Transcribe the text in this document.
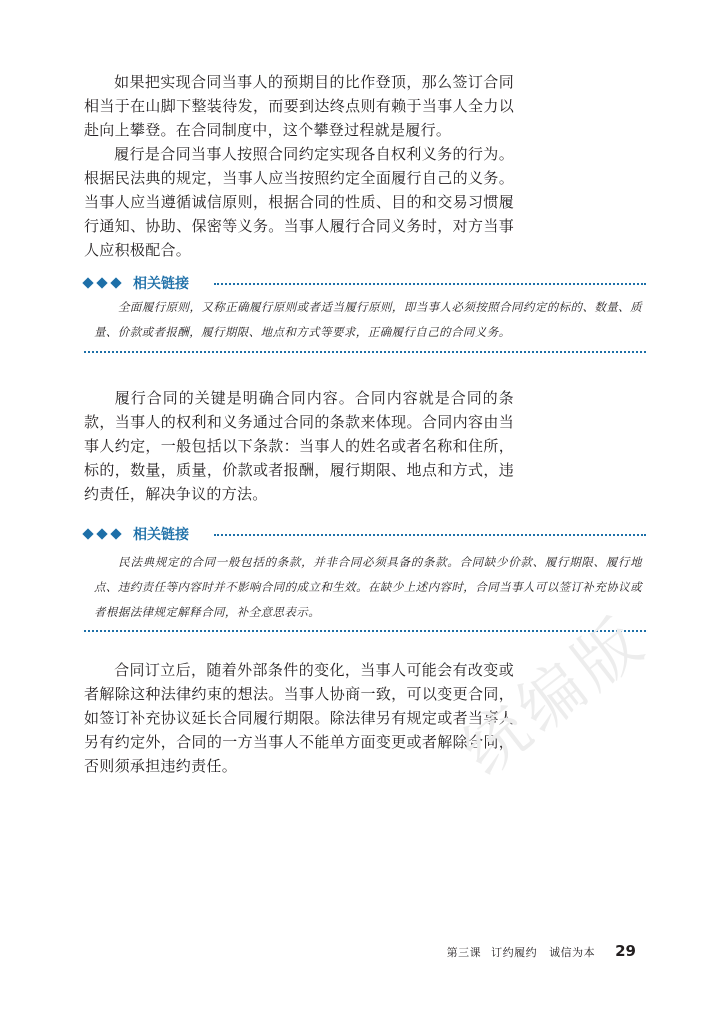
如果把实现合同当事人的预期目的比作登顶，那么签订合同相当于在山脚下整装待发，而要到达终点则有赖于当事人全力以赴向上攀登。在合同制度中，这个攀登过程就是履行。

履行是合同当事人按照合同约定实现各自权利义务的行为。根据民法典的规定，当事人应当按照约定全面履行自己的义务。当事人应当遵循诚信原则，根据合同的性质、目的和交易习惯履行通知、协助、保密等义务。当事人履行合同义务时，对方当事人应积极配合。

相关链接

全面履行原则，又称正确履行原则或者适当履行原则，即当事人必须按照合同约定的标的、数量、质量、价款或者报酬，履行期限、地点和方式等要求，正确履行自己的合同义务。

履行合同的关键是明确合同内容。合同内容就是合同的条款，当事人的权利和义务通过合同的条款来体现。合同内容由当事人约定，一般包括以下条款：当事人的姓名或者名称和住所，标的，数量，质量，价款或者报酬，履行期限、地点和方式，违约责任，解决争议的方法。

相关链接

民法典规定的合同一般包括的条款，并非合同必须具备的条款。合同缺少价款、履行期限、履行地点、违约责任等内容时并不影响合同的成立和生效。在缺少上述内容时，合同当事人可以签订补充协议或者根据法律规定解释合同，补全意思表示。

合同订立后，随着外部条件的变化，当事人可能会有改变或者解除这种法律约束的想法。当事人协商一致，可以变更合同，如签订补充协议延长合同履行期限。除法律另有规定或者当事人另有约定外，合同的一方当事人不能单方面变更或者解除合同，否则须承担违约责任。	统编版
第三课 订约履约 诚信为本 29
